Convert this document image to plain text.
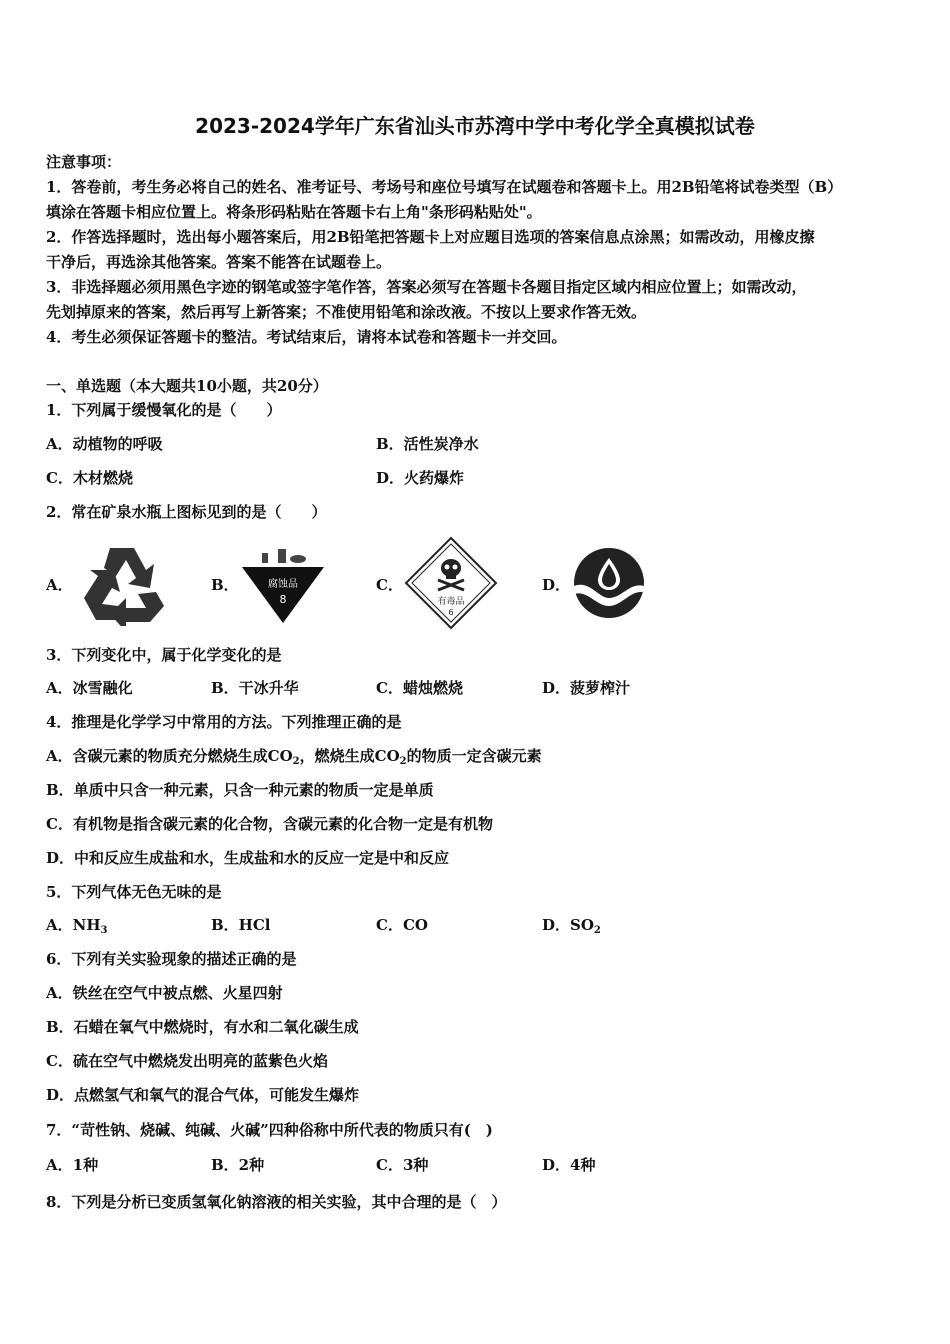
2023-2024学年广东省汕头市苏湾中学中考化学全真模拟试卷
注意事项：
1．答卷前，考生务必将自己的姓名、准考证号、考场号和座位号填写在试题卷和答题卡上。用2B铅笔将试卷类型（B）
填涂在答题卡相应位置上。将条形码粘贴在答题卡右上角"条形码粘贴处"。
2．作答选择题时，选出每小题答案后，用2B铅笔把答题卡上对应题目选项的答案信息点涂黑；如需改动，用橡皮擦
干净后，再选涂其他答案。答案不能答在试题卷上。
3．非选择题必须用黑色字迹的钢笔或签字笔作答，答案必须写在答题卡各题目指定区域内相应位置上；如需改动，
先划掉原来的答案，然后再写上新答案；不准使用铅笔和涂改液。不按以上要求作答无效。
4．考生必须保证答题卡的整洁。考试结束后，请将本试卷和答题卡一并交回。
一、单选题（本大题共10小题，共20分）
1．下列属于缓慢氧化的是（　　）
A．动植物的呼吸	B．活性炭净水
C．木材燃烧	D．火药爆炸
2．常在矿泉水瓶上图标见到的是（　　）
A．	B．	腐蚀品
8
C．
有毒品
6
D．
3．下列变化中，属于化学变化的是
A．冰雪融化	B．干冰升华	C．蜡烛燃烧	D．菠萝榨汁
4．推理是化学学习中常用的方法。下列推理正确的是
A．含碳元素的物质充分燃烧生成$CO_2$，燃烧生成$CO_2$的物质一定含碳元素
B．单质中只含一种元素，只含一种元素的物质一定是单质
C．有机物是指含碳元素的化合物，含碳元素的化合物一定是有机物
D．中和反应生成盐和水，生成盐和水的反应一定是中和反应
5．下列气体无色无味的是
A．$NH_3$	B．HCl	C．CO	D．$SO_2$
6．下列有关实验现象的描述正确的是
A．铁丝在空气中被点燃、火星四射
B．石蜡在氧气中燃烧时，有水和二氧化碳生成
C．硫在空气中燃烧发出明亮的蓝紫色火焰
D．点燃氢气和氧气的混合气体，可能发生爆炸
7．“苛性钠、烧碱、纯碱、火碱”四种俗称中所代表的物质只有(　)
A．1种	B．2种	C．3种	D．4种
8．下列是分析已变质氢氧化钠溶液的相关实验，其中合理的是（　）
